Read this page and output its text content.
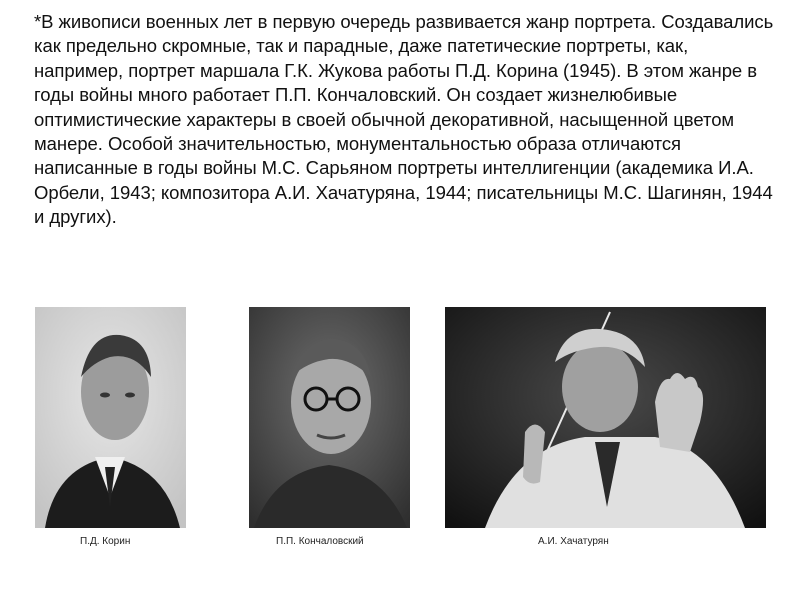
*В живописи военных лет в первую очередь развивается жанр портрета. Создавались как предельно скромные, так и парадные, даже патетические портреты, как, например, портрет маршала Г.К. Жукова работы П.Д. Корина (1945). В этом жанре в годы войны много работает П.П. Кончаловский. Он создает жизнелюбивые оптимистические характеры в своей обычной декоративной, насыщенной цветом манере. Особой значительностью, монументальностью образа отличаются написанные в годы войны М.С. Сарьяном портреты интеллигенции (академика И.А. Орбели, 1943; композитора А.И. Хачатуряна, 1944; писательницы М.С. Шагинян, 1944 и других).

П.Д. Корин	П.П. Кончаловский	А.И. Хачатурян
